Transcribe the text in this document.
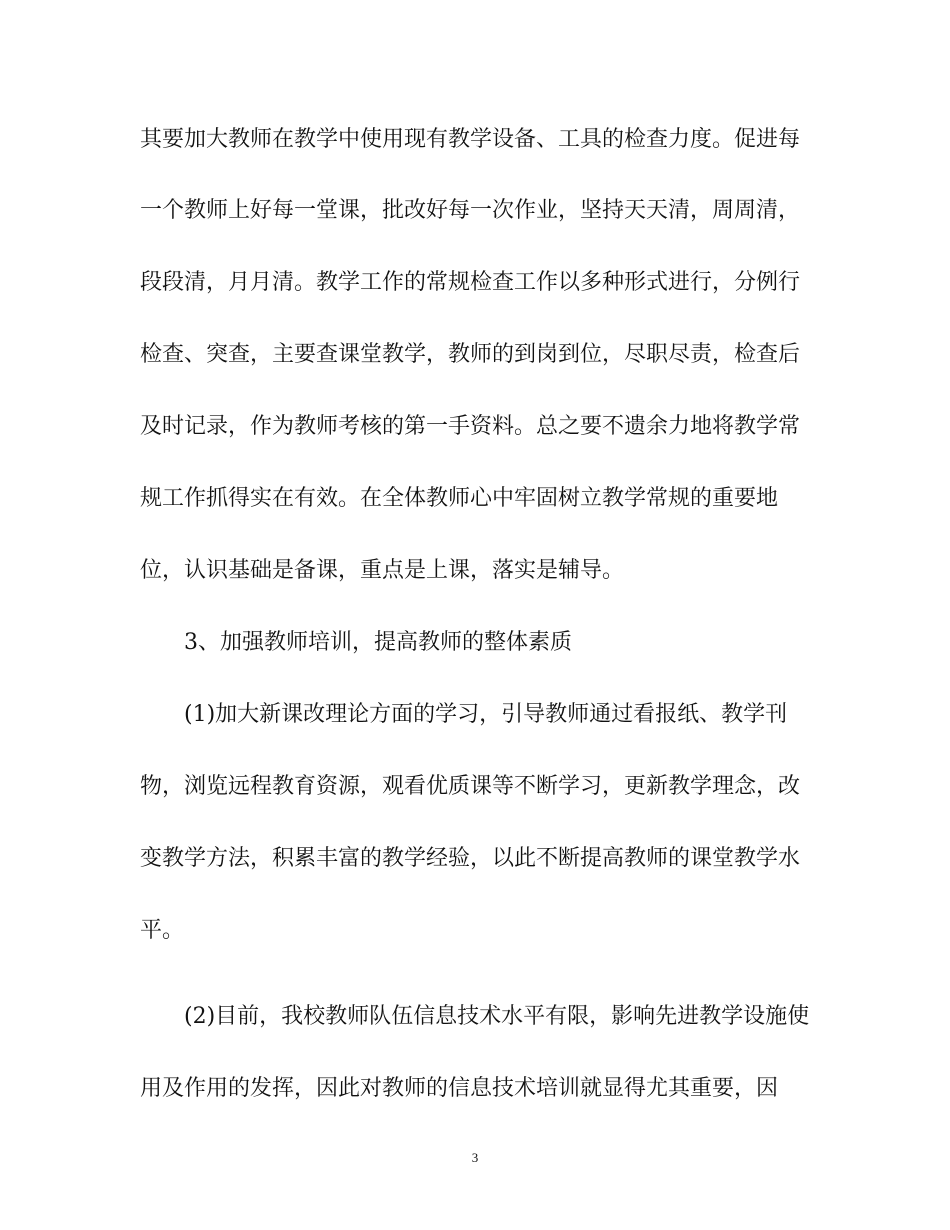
其要加大教师在教学中使用现有教学设备、工具的检查力度。促进每
一个教师上好每一堂课，批改好每一次作业，坚持天天清，周周清，
段段清，月月清。教学工作的常规检查工作以多种形式进行，分例行
检查、突查，主要查课堂教学，教师的到岗到位，尽职尽责，检查后
及时记录，作为教师考核的第一手资料。总之要不遗余力地将教学常
规工作抓得实在有效。在全体教师心中牢固树立教学常规的重要地
位，认识基础是备课，重点是上课，落实是辅导。
3、加强教师培训，提高教师的整体素质
(1)加大新课改理论方面的学习，引导教师通过看报纸、教学刊
物，浏览远程教育资源，观看优质课等不断学习，更新教学理念，改
变教学方法，积累丰富的教学经验，以此不断提高教师的课堂教学水
平。
(2)目前，我校教师队伍信息技术水平有限，影响先进教学设施使
用及作用的发挥，因此对教师的信息技术培训就显得尤其重要，因
3
